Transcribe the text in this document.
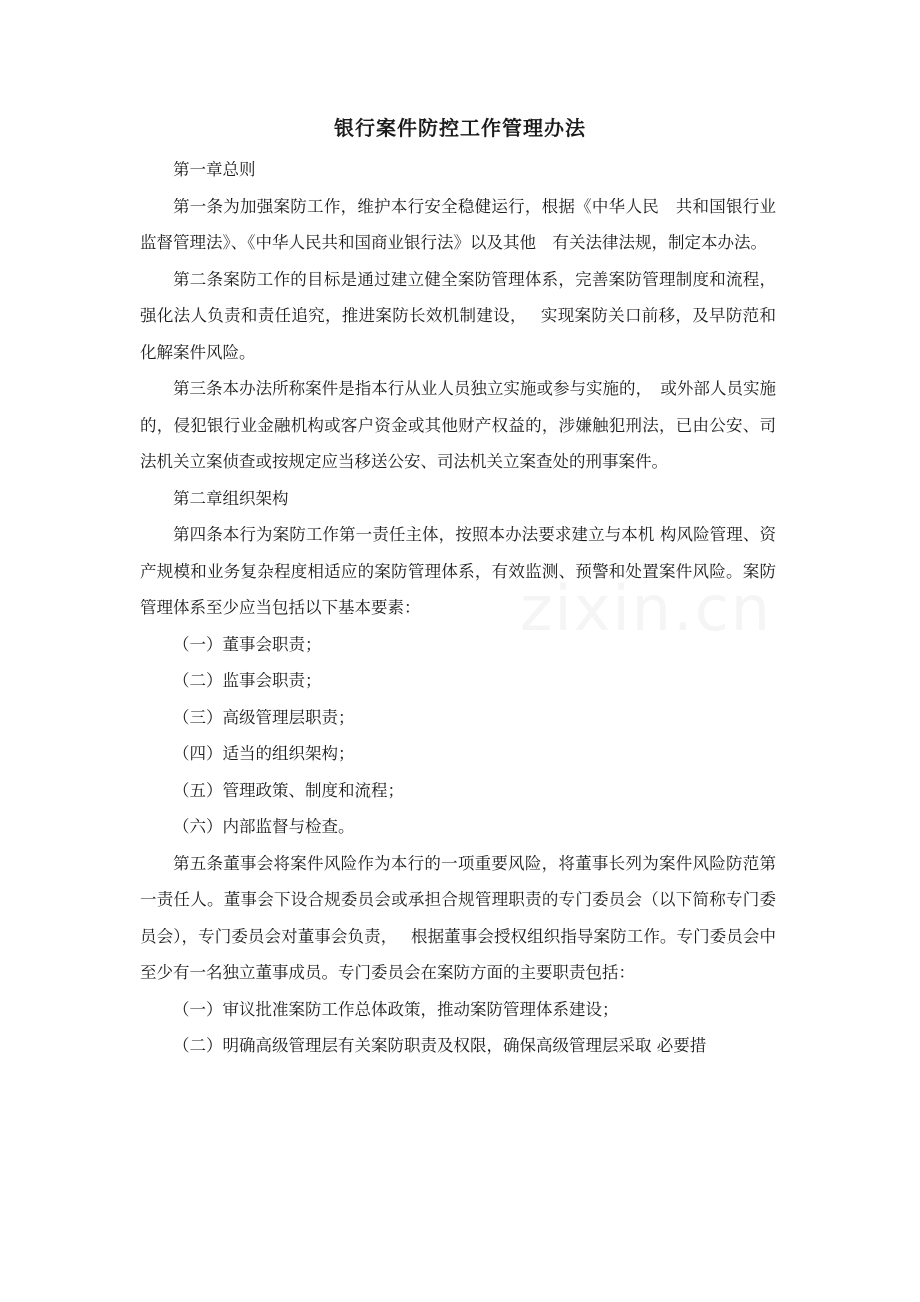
银行案件防控工作管理办法
zixin.cn

第一章总则

第一条为加强案防工作，维护本行安全稳健运行，根据《中华人民　共和国银行业监督管理法》、《中华人民共和国商业银行法》以及其他　有关法律法规，制定本办法。

第二条案防工作的目标是通过建立健全案防管理体系，完善案防管理制度和流程，强化法人负责和责任追究，推进案防长效机制建设，　 实现案防关口前移，及早防范和化解案件风险。

第三条本办法所称案件是指本行从业人员独立实施或参与实施的，　或外部人员实施的，侵犯银行业金融机构或客户资金或其他财产权益的，涉嫌触犯刑法，已由公安、司法机关立案侦查或按规定应当移送公安、司法机关立案查处的刑事案件。

第二章组织架构

第四条本行为案防工作第一责任主体，按照本办法要求建立与本机 构风险管理、资产规模和业务复杂程度相适应的案防管理体系，有效监测、预警和处置案件风险。案防管理体系至少应当包括以下基本要素：

（一）董事会职责；

（二）监事会职责；

（三）高级管理层职责；

（四）适当的组织架构；

（五）管理政策、制度和流程；

（六）内部监督与检查。

第五条董事会将案件风险作为本行的一项重要风险，将董事长列为案件风险防范第一责任人。董事会下设合规委员会或承担合规管理职责的专门委员会（以下简称专门委员会），专门委员会对董事会负责，　 根据董事会授权组织指导案防工作。专门委员会中至少有一名独立董事成员。专门委员会在案防方面的主要职责包括：

（一）审议批准案防工作总体政策，推动案防管理体系建设；

（二）明确高级管理层有关案防职责及权限，确保高级管理层采取 必要措
